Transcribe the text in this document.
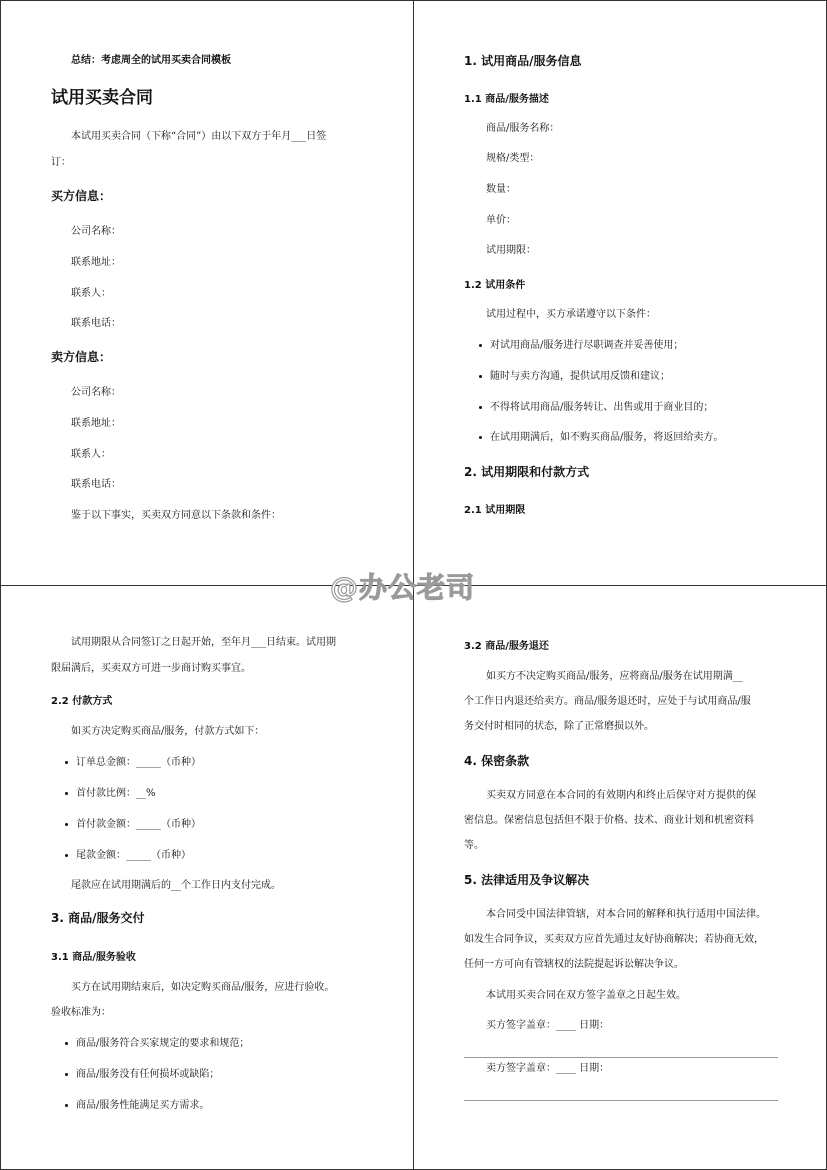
总结：考虑周全的试用买卖合同模板
试用买卖合同
本试用买卖合同（下称“合同”）由以下双方于年月___日签
订：
买方信息：
公司名称：
联系地址：
联系人：
联系电话：
卖方信息：
公司名称：
联系地址：
联系人：
联系电话：
鉴于以下事实，买卖双方同意以下条款和条件：
1. 试用商品/服务信息
1.1 商品/服务描述
商品/服务名称：
规格/类型：
数量：
单价：
试用期限：
1.2 试用条件
试用过程中，买方承诺遵守以下条件：
对试用商品/服务进行尽职调查并妥善使用；
随时与卖方沟通，提供试用反馈和建议；
不得将试用商品/服务转让、出售或用于商业目的；
在试用期满后，如不购买商品/服务，将返回给卖方。
2. 试用期限和付款方式
2.1 试用期限
试用期限从合同签订之日起开始，至年月___日结束。试用期
限届满后，买卖双方可进一步商讨购买事宜。
2.2 付款方式
如买方决定购买商品/服务，付款方式如下：
订单总金额：_____（币种）
首付款比例：__%
首付款金额：_____（币种）
尾款金额：_____（币种）
尾款应在试用期满后的__个工作日内支付完成。
3. 商品/服务交付
3.1 商品/服务验收
买方在试用期结束后，如决定购买商品/服务，应进行验收。
验收标准为：
商品/服务符合买家规定的要求和规范；
商品/服务没有任何损坏或缺陷；
商品/服务性能满足买方需求。
3.2 商品/服务退还
如买方不决定购买商品/服务，应将商品/服务在试用期满__
个工作日内退还给卖方。商品/服务退还时，应处于与试用商品/服
务交付时相同的状态，除了正常磨损以外。
4. 保密条款
买卖双方同意在本合同的有效期内和终止后保守对方提供的保
密信息。保密信息包括但不限于价格、技术、商业计划和机密资料
等。
5. 法律适用及争议解决
本合同受中国法律管辖，对本合同的解释和执行适用中国法律。
如发生合同争议，买卖双方应首先通过友好协商解决；若协商无效，
任何一方可向有管辖权的法院提起诉讼解决争议。
本试用买卖合同在双方签字盖章之日起生效。
买方签字盖章：____ 日期：
卖方签字盖章：____ 日期：
@办公老司
